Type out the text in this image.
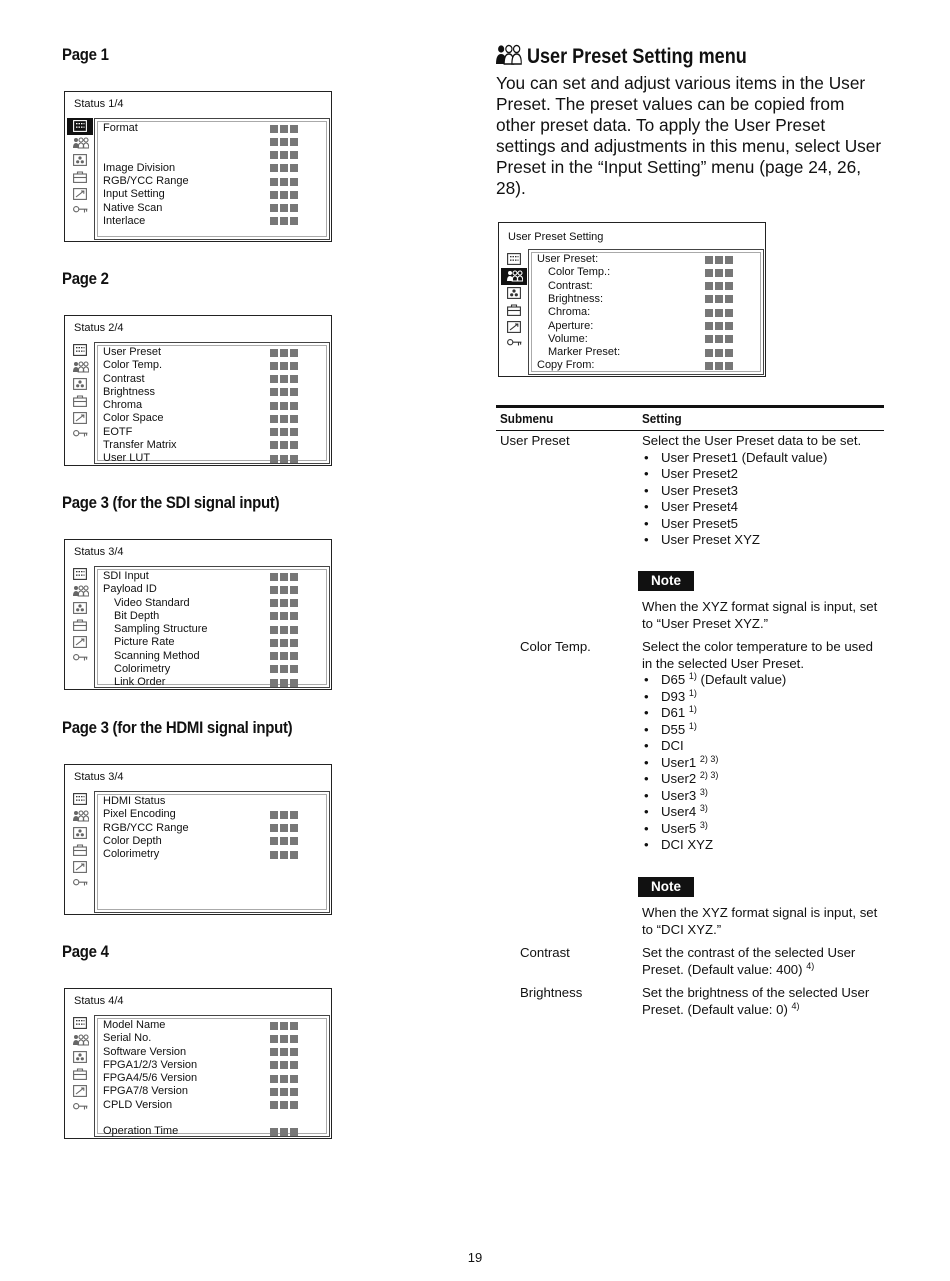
Page 1
Status 1/4
Format
Image Division
RGB/YCC Range
Input Setting
Native Scan
Interlace
Page 2
Status 2/4
User Preset
Color Temp.
Contrast
Brightness
Chroma
Color Space
EOTF
Transfer Matrix
User LUT
Page 3 (for the SDI signal input)
Status 3/4
SDI Input
Payload ID
Video Standard
Bit Depth
Sampling Structure
Picture Rate
Scanning Method
Colorimetry
Link Order
Page 3 (for the HDMI signal input)
Status 3/4
HDMI Status
Pixel Encoding
RGB/YCC Range
Color Depth
Colorimetry
Page 4
Status 4/4
Model Name
Serial No.
Software Version
FPGA1/2/3 Version
FPGA4/5/6 Version
FPGA7/8 Version
CPLD Version
Operation Time
User Preset Setting menu
You can set and adjust various items in the User Preset. The preset values can be copied from other preset data. To apply the User Preset settings and adjustments in this menu, select User Preset in the “Input Setting” menu (page 24, 26, 28).
User Preset Setting
User Preset:
Color Temp.:
Contrast:
Brightness:
Chroma:
Aperture:
Volume:
Marker Preset:
Copy From:
Submenu	Setting
User Preset	Select the User Preset data to be set.
• User Preset1 (Default value)
• User Preset2
• User Preset3
• User Preset4
• User Preset5
• User Preset XYZ
Note
When the XYZ format signal is input, set to “User Preset XYZ.”
Color Temp.	Select the color temperature to be used in the selected User Preset.
• D65 $^{1)}$ (Default value)
• D93 $^{1)}$
• D61 $^{1)}$
• D55 $^{1)}$
• DCI
• User1 $^{2) 3)}$
• User2 $^{2) 3)}$
• User3 $^{3)}$
• User4 $^{3)}$
• User5 $^{3)}$
• DCI XYZ
Note
When the XYZ format signal is input, set to “DCI XYZ.”
Contrast	Set the contrast of the selected User Preset. (Default value: 400) $^{4)}$
Brightness	Set the brightness of the selected User Preset. (Default value: 0) $^{4)}$
19
